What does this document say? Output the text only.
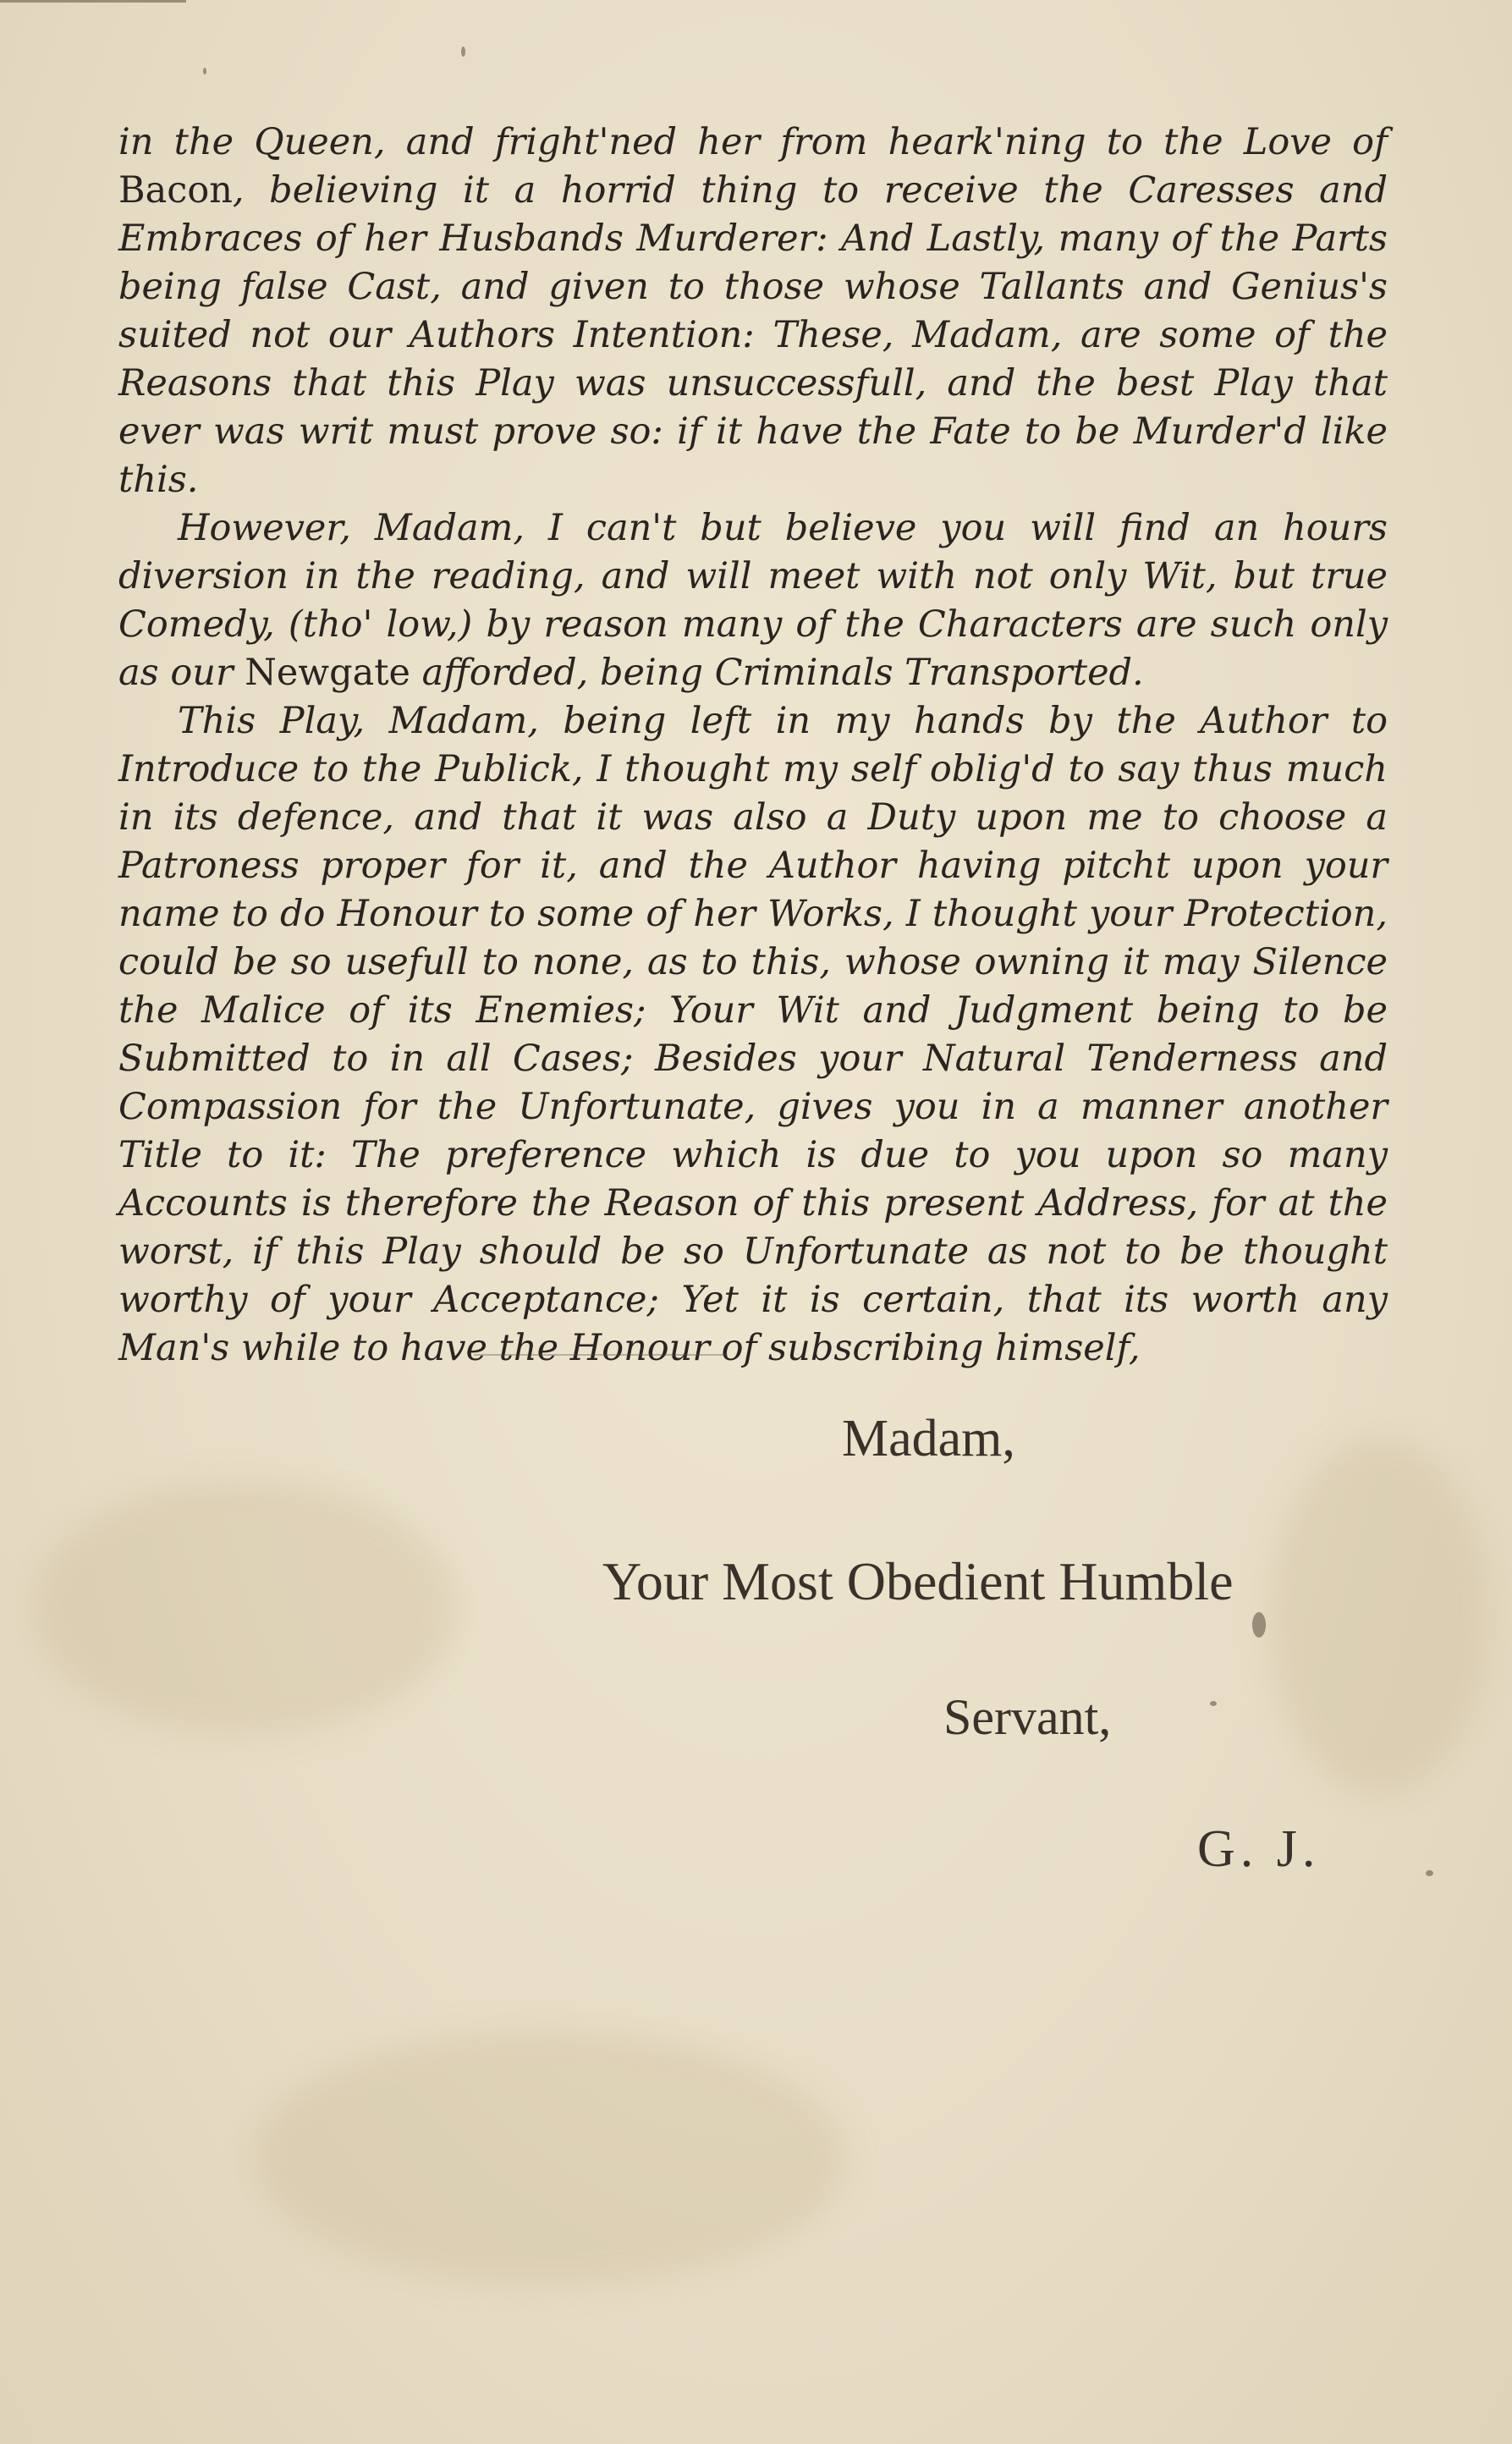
in the Queen, and fright'ned her from heark'ning to the Love of Bacon, believing it a horrid thing to receive the Caresses and Embraces of her Husbands Murderer: And Lastly, many of the Parts being false Cast, and given to those whose Tallants and Genius's suited not our Authors Intention: These, Madam, are some of the Reasons that this Play was unsuccessfull, and the best Play that ever was writ must prove so: if it have the Fate to be Murder'd like this.

However, Madam, I can't but believe you will find an hours diversion in the reading, and will meet with not only Wit, but true Comedy, (tho' low,) by reason many of the Characters are such only as our Newgate afforded, being Criminals Transported.

This Play, Madam, being left in my hands by the Author to Introduce to the Publick, I thought my self oblig'd to say thus much in its defence, and that it was also a Duty upon me to choose a Patroness proper for it, and the Author having pitcht upon your name to do Honour to some of her Works, I thought your Protection, could be so usefull to none, as to this, whose owning it may Silence the Malice of its Enemies; Your Wit and Judgment being to be Submitted to in all Cases; Besides your Natural Tenderness and Compassion for the Unfortunate, gives you in a manner another Title to it: The preference which is due to you upon so many Accounts is therefore the Reason of this present Address, for at the worst, if this Play should be so Unfortunate as not to be thought worthy of your Acceptance; Yet it is certain, that its worth any Man's while to have the Honour of subscribing himself,

Madam,
Your Most Obedient Humble
Servant,
G. J.
